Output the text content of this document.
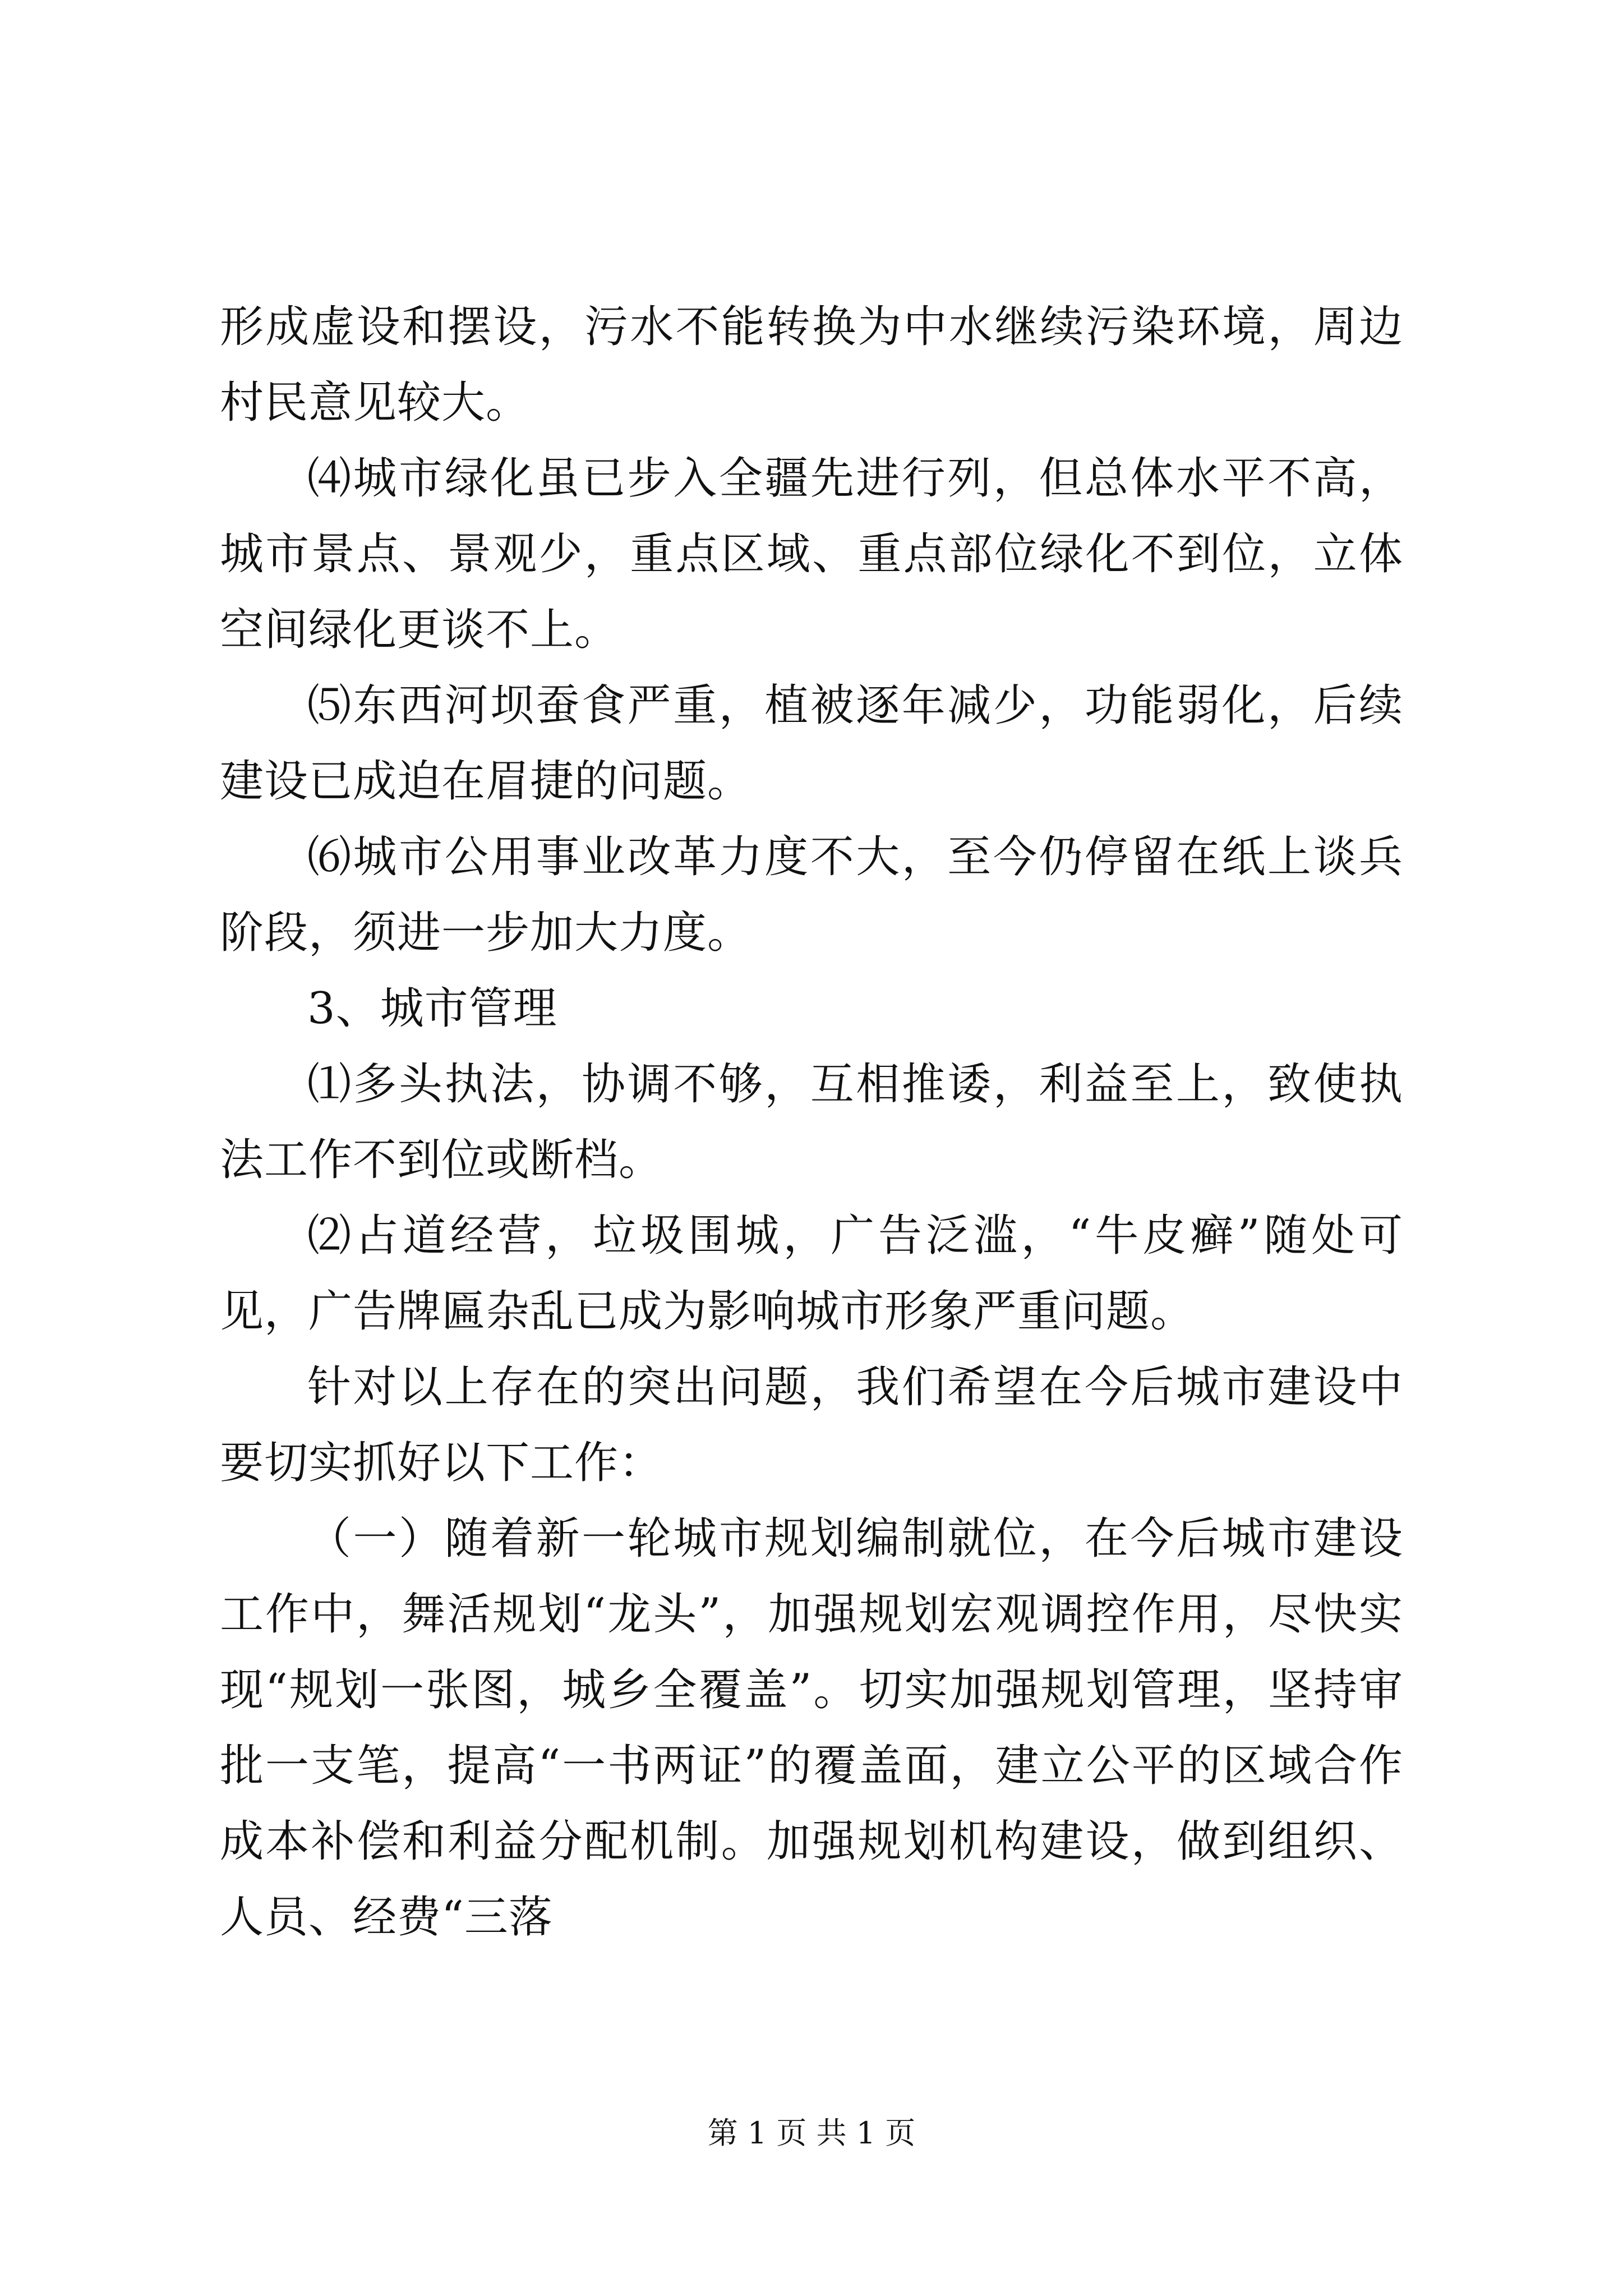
形成虚设和摆设，污水不能转换为中水继续污染环境，周边村民意见较大。

⑷城市绿化虽已步入全疆先进行列，但总体水平不高，城市景点、景观少，重点区域、重点部位绿化不到位，立体空间绿化更谈不上。

⑸东西河坝蚕食严重，植被逐年减少，功能弱化，后续建设已成迫在眉捷的问题。

⑹城市公用事业改革力度不大，至今仍停留在纸上谈兵阶段，须进一步加大力度。

3、城市管理

⑴多头执法，协调不够，互相推诿，利益至上，致使执法工作不到位或断档。

⑵占道经营，垃圾围城，广告泛滥，“牛皮癣”随处可见，广告牌匾杂乱已成为影响城市形象严重问题。

针对以上存在的突出问题，我们希望在今后城市建设中要切实抓好以下工作：

（一）随着新一轮城市规划编制就位，在今后城市建设工作中，舞活规划“龙头”，加强规划宏观调控作用，尽快实现“规划一张图，城乡全覆盖”。切实加强规划管理，坚持审批一支笔，提高“一书两证”的覆盖面，建立公平的区域合作成本补偿和利益分配机制。加强规划机构建设，做到组织、人员、经费“三落

第 1 页 共 1 页
